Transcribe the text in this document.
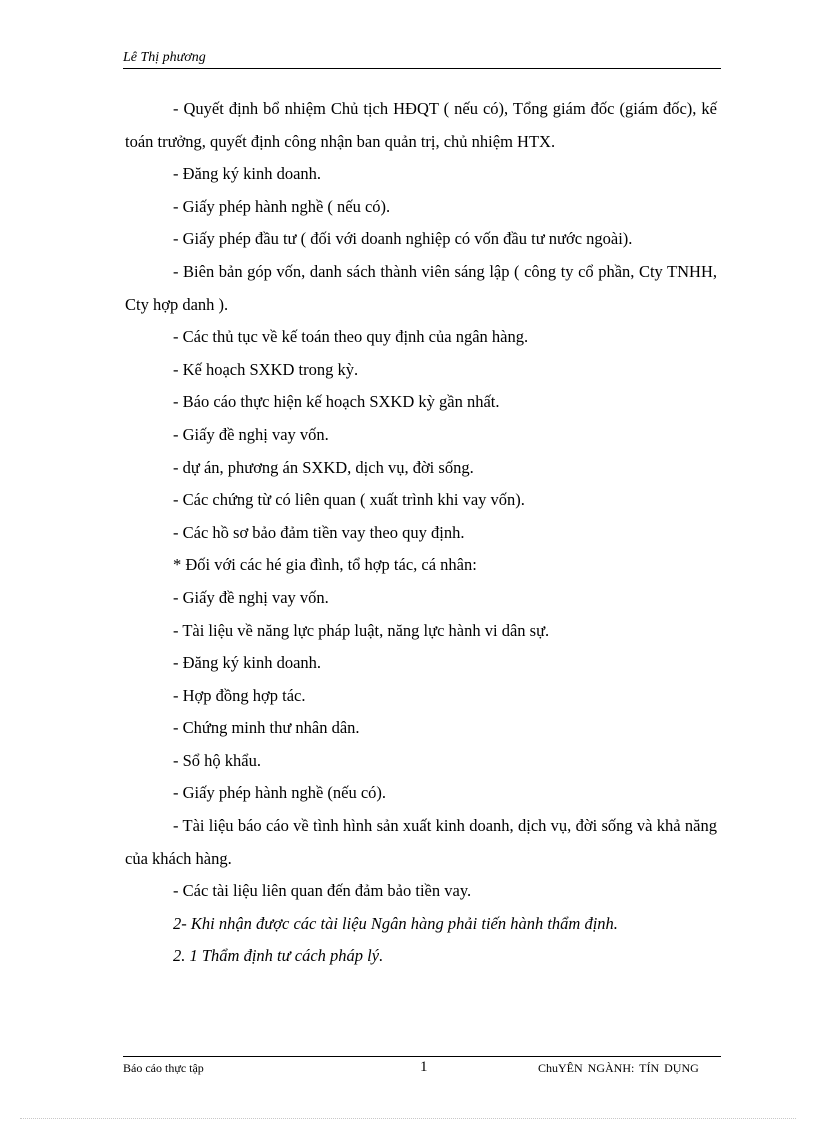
Lê Thị phương

- Quyết định bổ nhiệm Chủ tịch HĐQT ( nếu có), Tổng giám đốc (giám đốc), kế toán trưởng, quyết định công nhận ban quản trị, chủ nhiệm HTX.

- Đăng ký kinh doanh.

- Giấy phép hành nghề ( nếu có).

- Giấy phép đầu tư ( đối với doanh nghiệp có vốn đầu tư nước ngoài).

- Biên bản góp vốn, danh sách thành viên sáng lập ( công ty cổ phần, Cty TNHH, Cty hợp danh ).

- Các thủ tục về kế toán theo quy định của ngân hàng.

- Kế hoạch SXKD trong kỳ.

- Báo cáo thực hiện kế hoạch SXKD kỳ gần nhất.

- Giấy đề nghị vay vốn.

- dự án, phương án SXKD, dịch vụ, đời sống.

- Các chứng từ có liên quan ( xuất trình khi vay vốn).

- Các hồ sơ bảo đảm tiền vay theo quy định.

* Đối với các hé gia đình, tổ hợp tác, cá nhân:

- Giấy đề nghị vay vốn.

- Tài liệu về năng lực pháp luật, năng lực hành vi dân sự.

- Đăng ký kinh doanh.

- Hợp đồng hợp tác.

- Chứng minh thư nhân dân.

- Sổ hộ khẩu.

- Giấy phép hành nghề (nếu có).

- Tài liệu báo cáo về tình hình sản xuất kinh doanh, dịch vụ, đời sống và khả năng của khách hàng.

- Các tài liệu liên quan đến đảm bảo tiền vay.

2- Khi nhận được các tài liệu Ngân hàng phải tiến hành thẩm định.

2. 1 Thẩm định tư cách pháp lý.

Báo cáo thực tập	1	ChuYÊN NGÀNH: TÍN DỤNG
